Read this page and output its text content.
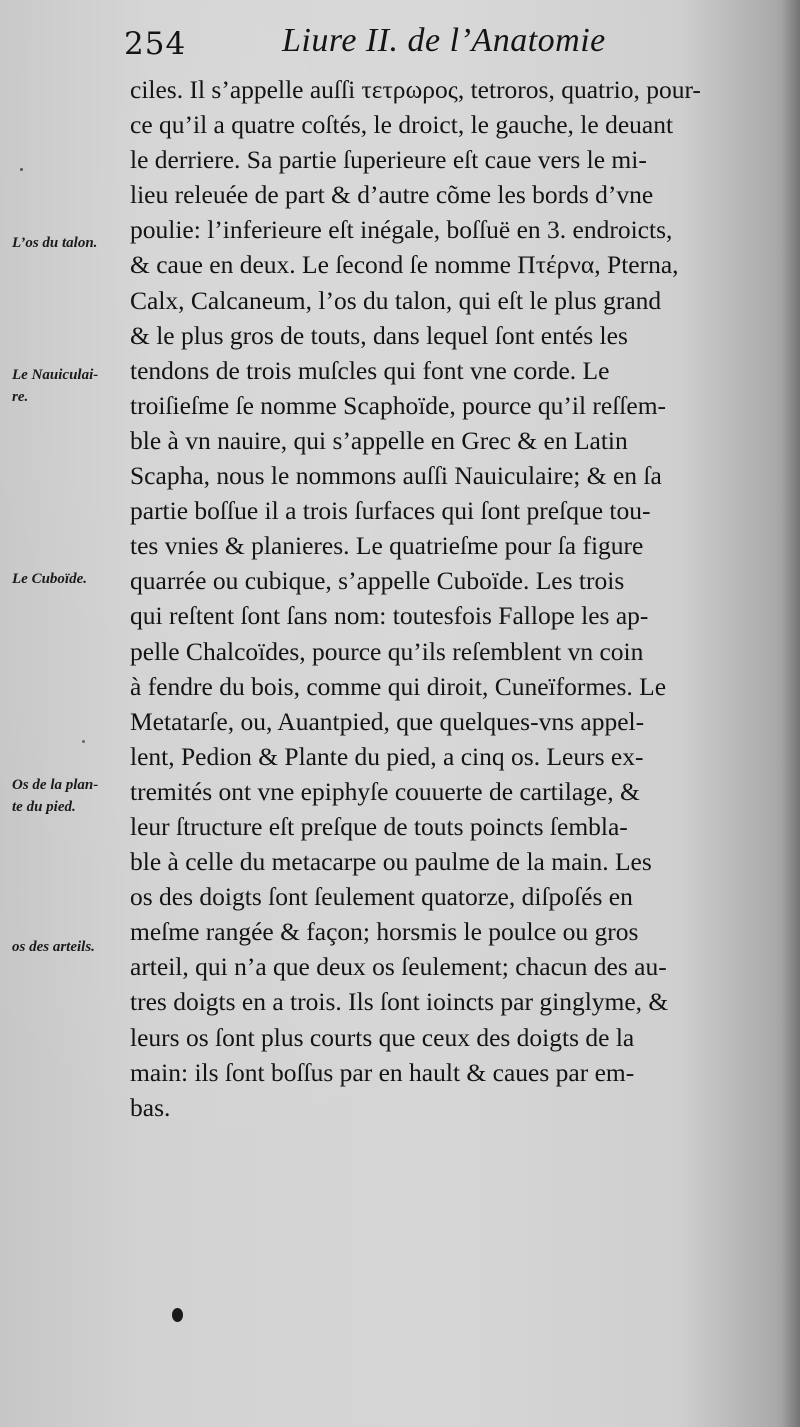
254	Liure II. de l’Anatomie
L’os du talon.
Le Nauiculai-
re.
Le Cuboïde.
Os de la plan-
te du pied.
os des arteils.
ciles. Il s’appelle auſſi τετρωρος, tetroros, quatrio, pour-
ce qu’il a quatre coſtés, le droict, le gauche, le deuant
le derriere. Sa partie ſuperieure eſt caue vers le mi-
lieu releuée de part & d’autre cõme les bords d’vne
poulie: l’inferieure eſt inégale, boſſuë en 3. endroicts,
& caue en deux. Le ſecond ſe nomme Πτέρνα, Pterna,
Calx, Calcaneum, l’os du talon, qui eſt le plus grand
& le plus gros de touts, dans lequel ſont entés les
tendons de trois muſcles qui font vne corde. Le
troiſieſme ſe nomme Scaphoïde, pource qu’il reſſem-
ble à vn nauire, qui s’appelle en Grec & en Latin
Scapha, nous le nommons auſſi Nauiculaire; & en ſa
partie boſſue il a trois ſurfaces qui ſont preſque tou-
tes vnies & planieres. Le quatrieſme pour ſa figure
quarrée ou cubique, s’appelle Cuboïde. Les trois
qui reſtent ſont ſans nom: toutesfois Fallope les ap-
pelle Chalcoïdes, pource qu’ils reſemblent vn coin
à fendre du bois, comme qui diroit, Cuneïformes. Le
Metatarſe, ou, Auantpied, que quelques-vns appel-
lent, Pedion & Plante du pied, a cinq os. Leurs ex-
tremités ont vne epiphyſe couuerte de cartilage, &
leur ſtructure eſt preſque de touts poincts ſembla-
ble à celle du metacarpe ou paulme de la main. Les
os des doigts ſont ſeulement quatorze, diſpoſés en
meſme rangée & façon; horsmis le poulce ou gros
arteil, qui n’a que deux os ſeulement; chacun des au-
tres doigts en a trois. Ils ſont ioincts par ginglyme, &
leurs os ſont plus courts que ceux des doigts de la
main: ils ſont boſſus par en hault & caues par em-
bas.
